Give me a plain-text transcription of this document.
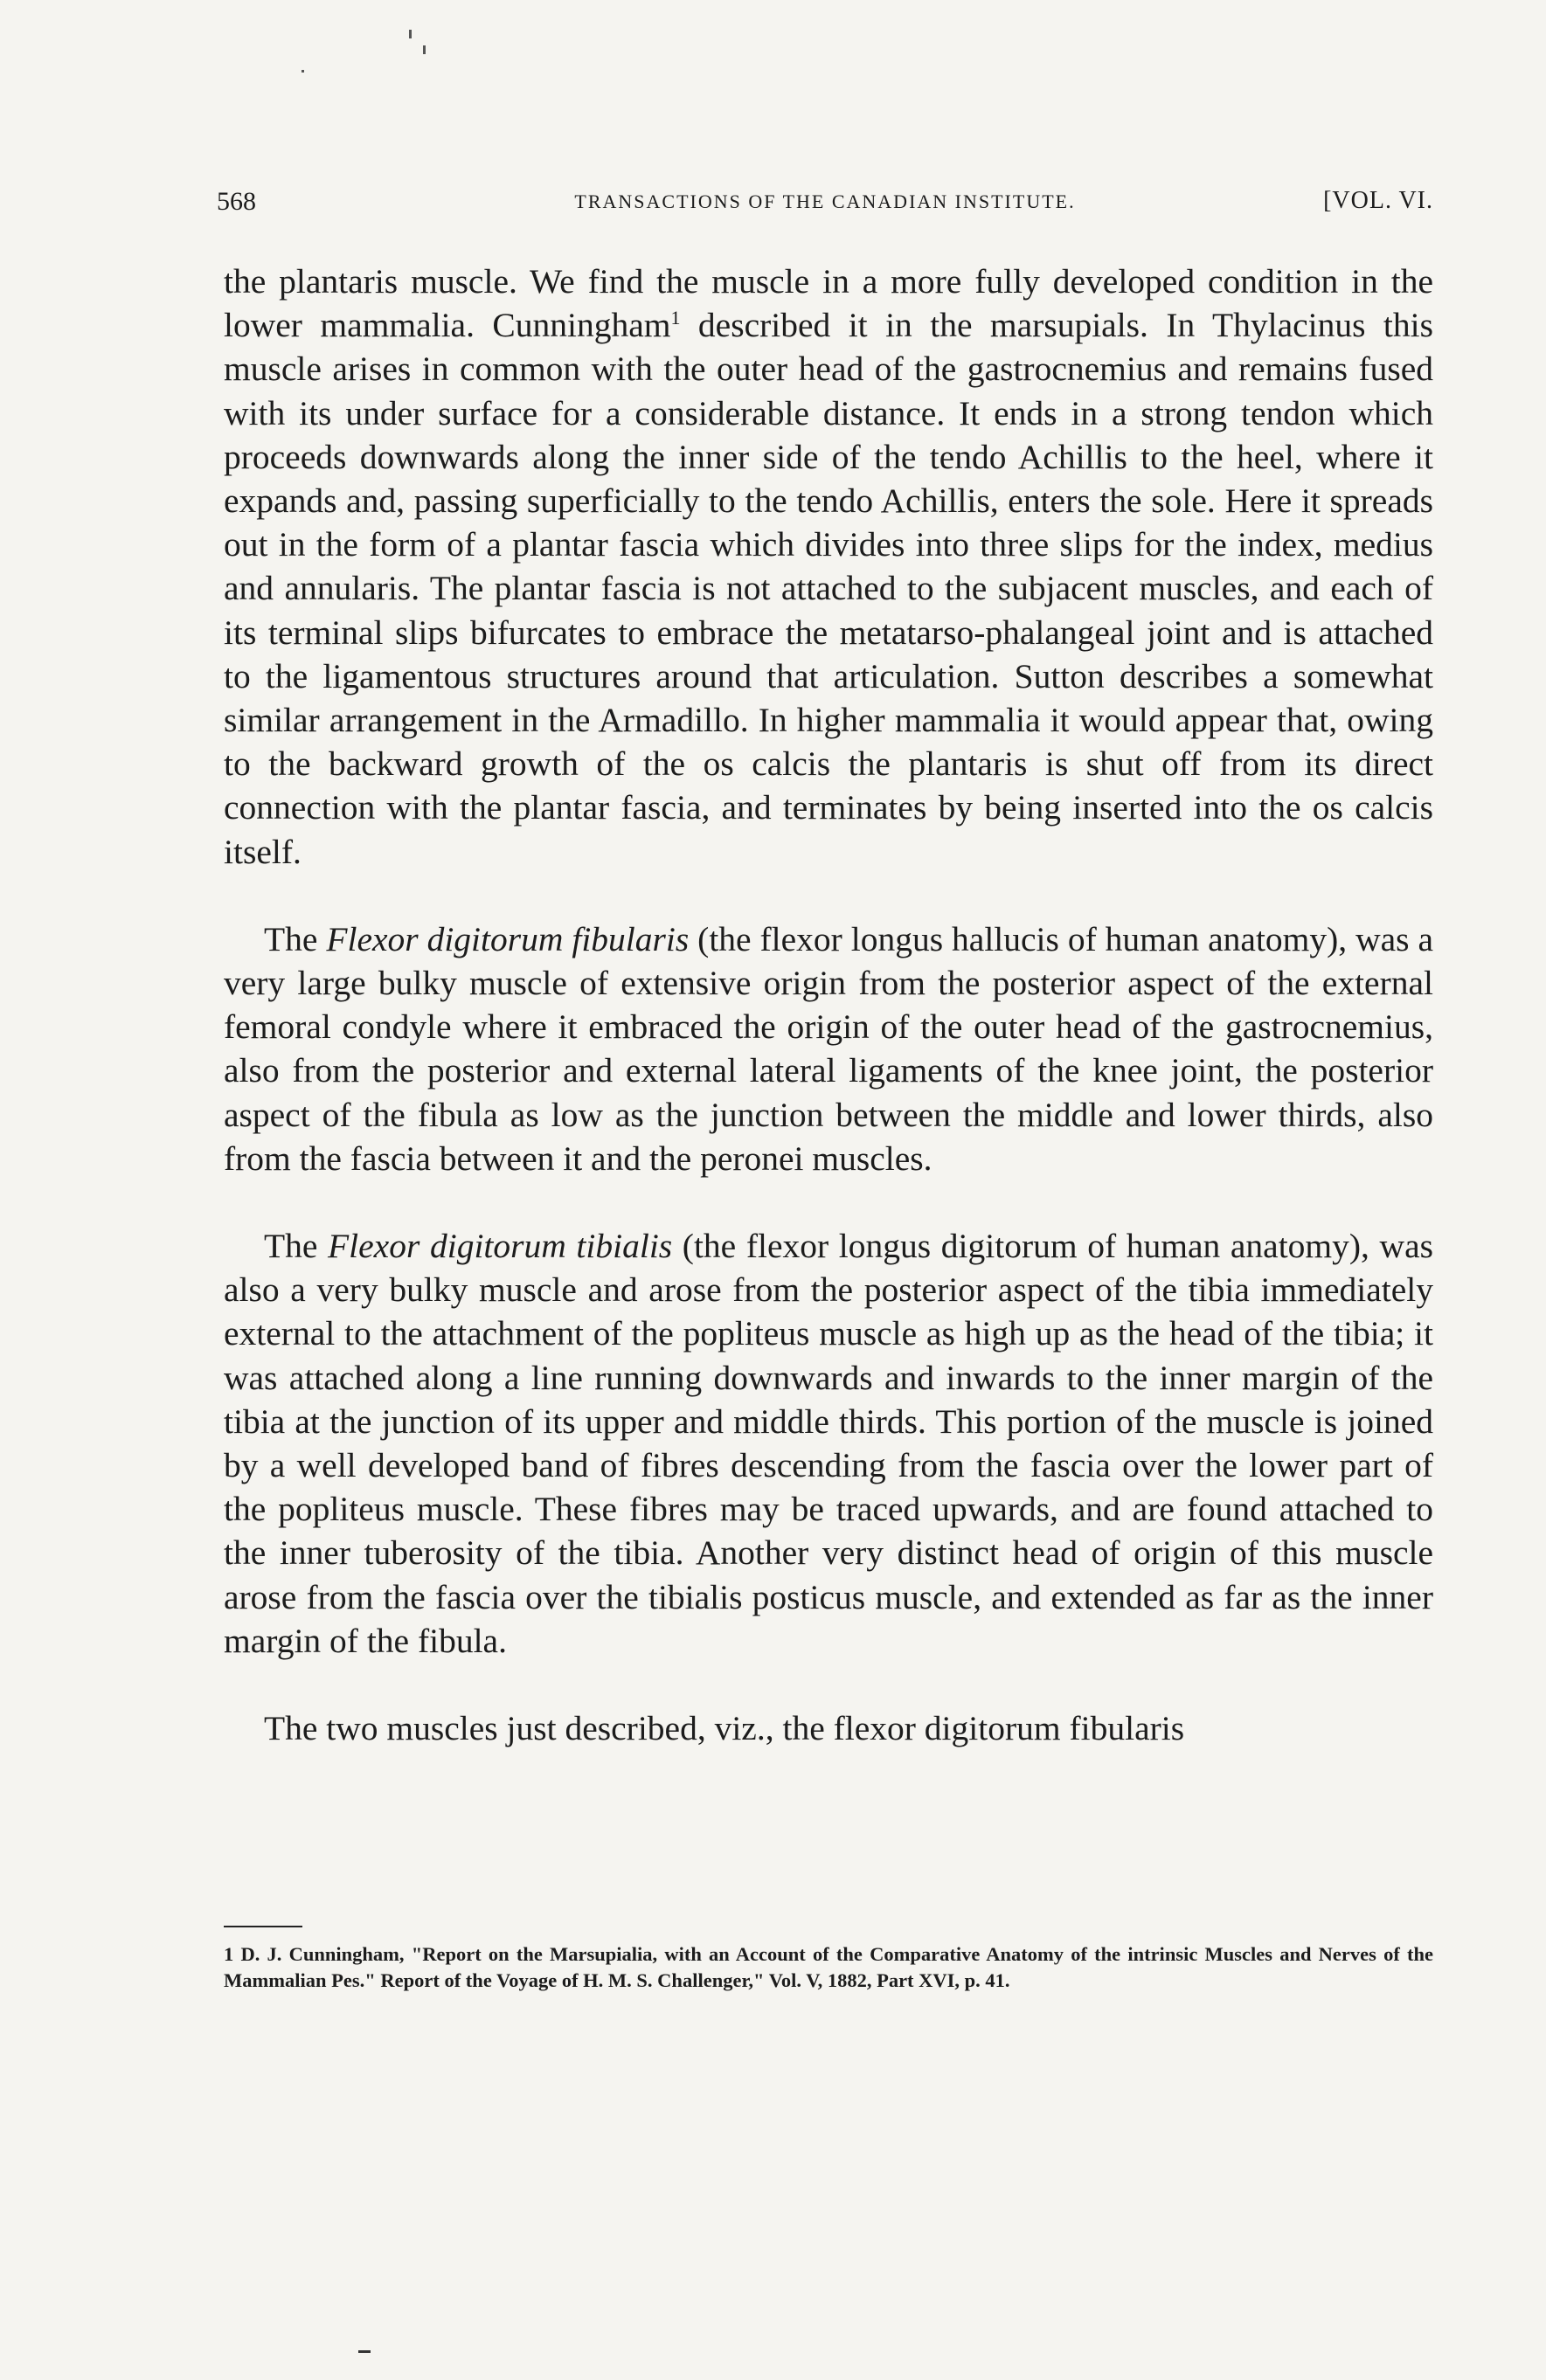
568	TRANSACTIONS OF THE CANADIAN INSTITUTE.	[VOL. VI.

the plantaris muscle. We find the muscle in a more fully developed condition in the lower mammalia. Cunningham$^1$ described it in the marsupials. In Thylacinus this muscle arises in common with the outer head of the gastrocnemius and remains fused with its under surface for a considerable distance. It ends in a strong tendon which proceeds downwards along the inner side of the tendo Achillis to the heel, where it expands and, passing superficially to the tendo Achillis, enters the sole. Here it spreads out in the form of a plantar fascia which divides into three slips for the index, medius and annularis. The plantar fascia is not attached to the subjacent muscles, and each of its terminal slips bifurcates to embrace the metatarso-phalangeal joint and is attached to the ligamentous structures around that articulation. Sutton describes a somewhat similar arrangement in the Armadillo. In higher mammalia it would appear that, owing to the backward growth of the os calcis the plantaris is shut off from its direct connection with the plantar fascia, and terminates by being inserted into the os calcis itself.

The Flexor digitorum fibularis (the flexor longus hallucis of human anatomy), was a very large bulky muscle of extensive origin from the posterior aspect of the external femoral condyle where it embraced the origin of the outer head of the gastrocnemius, also from the posterior and external lateral ligaments of the knee joint, the posterior aspect of the fibula as low as the junction between the middle and lower thirds, also from the fascia between it and the peronei muscles.

The Flexor digitorum tibialis (the flexor longus digitorum of human anatomy), was also a very bulky muscle and arose from the posterior aspect of the tibia immediately external to the attachment of the popliteus muscle as high up as the head of the tibia; it was attached along a line running downwards and inwards to the inner margin of the tibia at the junction of its upper and middle thirds. This portion of the muscle is joined by a well developed band of fibres descending from the fascia over the lower part of the popliteus muscle. These fibres may be traced upwards, and are found attached to the inner tuberosity of the tibia. Another very distinct head of origin of this muscle arose from the fascia over the tibialis posticus muscle, and extended as far as the inner margin of the fibula.

The two muscles just described, viz., the flexor digitorum fibularis

1 D. J. Cunningham, "Report on the Marsupialia, with an Account of the Comparative Anatomy of the intrinsic Muscles and Nerves of the Mammalian Pes." Report of the Voyage of H. M. S. Challenger," Vol. V, 1882, Part XVI, p. 41.
